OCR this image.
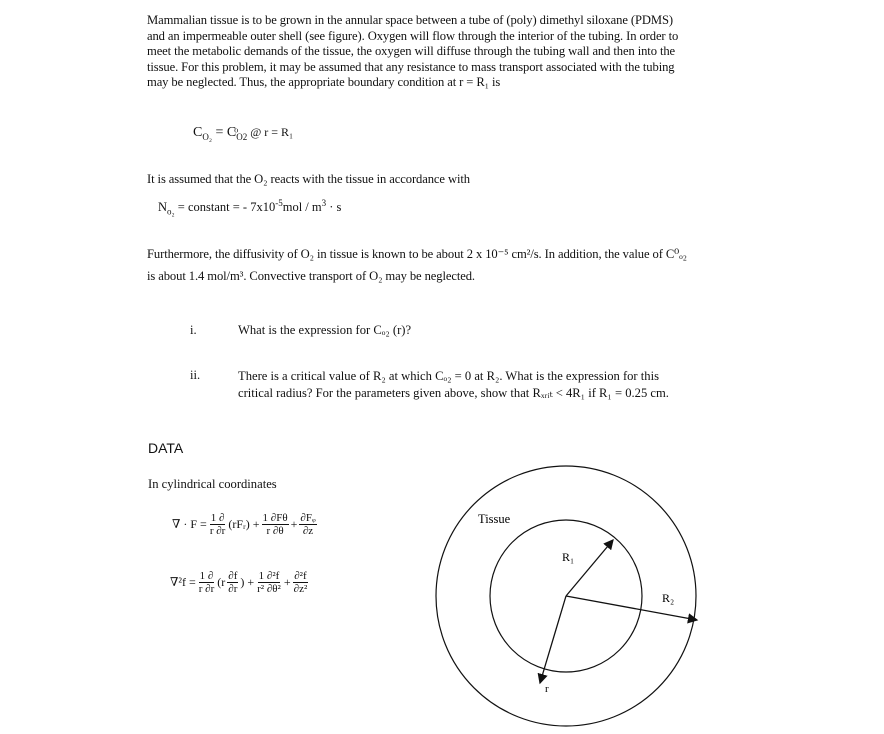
Mammalian tissue is to be grown in the annular space between a tube of (poly) dimethyl siloxane (PDMS) and an impermeable outer shell (see figure). Oxygen will flow through the interior of the tubing. In order to meet the metabolic demands of the tissue, the oxygen will diffuse through the tubing wall and then into the tissue. For this problem, it may be assumed that any resistance to mass transport associated with the tubing may be neglected. Thus, the appropriate boundary condition at r = R₁ is

$C_{O_2}$ = $Cͦ_{O2}$ @ r = R₁

It is assumed that the O₂ reacts with the tissue in accordance with

$N_{o_2}$ = constant = - $7x10^{-5}mol / m^3 \cdot s$

Furthermore, the diffusivity of O₂ in tissue is known to be about 2 x 10⁻⁵ cm²/s. In addition, the value of C⁰ₒ₂ is about 1.4 mol/m³. Convective transport of O₂ may be neglected.

i.	What is the expression for Cₒ₂ (r)?
ii.	There is a critical value of R₂ at which Cₒ₂ = 0 at R₂. What is the expression for this critical radius? For the parameters given above, show that Rₓᵣᵢₜ < 4R₁ if R₁ = 0.25 cm.
DATA
In cylindrical coordinates
∇ · $F = \frac{1 \partial}{r \partial r}$ (rFᵣ) + $\frac{1 \partial F\theta}{r \partial\theta} + \frac{\text{∂Fᵩ}}{\partial z}$
$\nabla^2f = \frac{1 \partial}{r \partial r} (r \frac{\partial f}{\partial r}$ ) + $\frac{\text{1 ∂²f}}{\text{r² ∂θ²}} + \frac{\text{∂²f}}{\text{∂z²}}$
Tissue
R₁
R₂
r
